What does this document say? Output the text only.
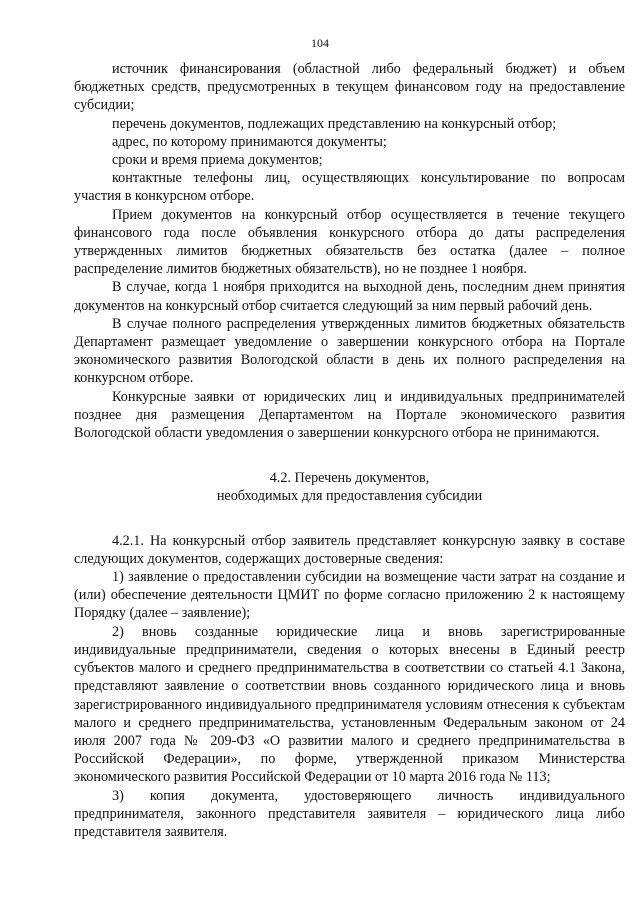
104

источник финансирования (областной либо федеральный бюджет) и объем бюджетных средств, предусмотренных в текущем финансовом году на предоставление субсидии;

перечень документов, подлежащих представлению на конкурсный отбор;

адрес, по которому принимаются документы;

сроки и время приема документов;

контактные телефоны лиц, осуществляющих консультирование по вопросам участия в конкурсном отборе.

Прием документов на конкурсный отбор осуществляется в течение текущего финансового года после объявления конкурсного отбора до даты распределения утвержденных лимитов бюджетных обязательств без остатка (далее – полное распределение лимитов бюджетных обязательств), но не позднее 1 ноября.

В случае, когда 1 ноября приходится на выходной день, последним днем принятия документов на конкурсный отбор считается следующий за ним первый рабочий день.

В случае полного распределения утвержденных лимитов бюджетных обязательств Департамент размещает уведомление о завершении конкурсного отбора на Портале экономического развития Вологодской области в день их полного распределения на конкурсном отборе.

Конкурсные заявки от юридических лиц и индивидуальных предпринимателей позднее дня размещения Департаментом на Портале экономического развития Вологодской области уведомления о завершении конкурсного отбора не принимаются.

4.2. Перечень документов,

необходимых для предоставления субсидии

4.2.1. На конкурсный отбор заявитель представляет конкурсную заявку в составе следующих документов, содержащих достоверные сведения:

1) заявление о предоставлении субсидии на возмещение части затрат на создание и (или) обеспечение деятельности ЦМИТ по форме согласно приложению 2 к настоящему Порядку (далее – заявление);

2) вновь созданные юридические лица и вновь зарегистрированные индивидуальные предприниматели, сведения о которых внесены в Единый реестр субъектов малого и среднего предпринимательства в соответствии со статьей 4.1 Закона, представляют заявление о соответствии вновь созданного юридического лица и вновь зарегистрированного индивидуального предпринимателя условиям отнесения к субъектам малого и среднего предпринимательства, установленным Федеральным законом от 24 июля 2007 года № 209-ФЗ «О развитии малого и среднего предпринимательства в Российской Федерации», по форме, утвержденной приказом Министерства экономического развития Российской Федерации от 10 марта 2016 года № 113;

3) копия документа, удостоверяющего личность индивидуального предпринимателя, законного представителя заявителя – юридического лица либо представителя заявителя.
